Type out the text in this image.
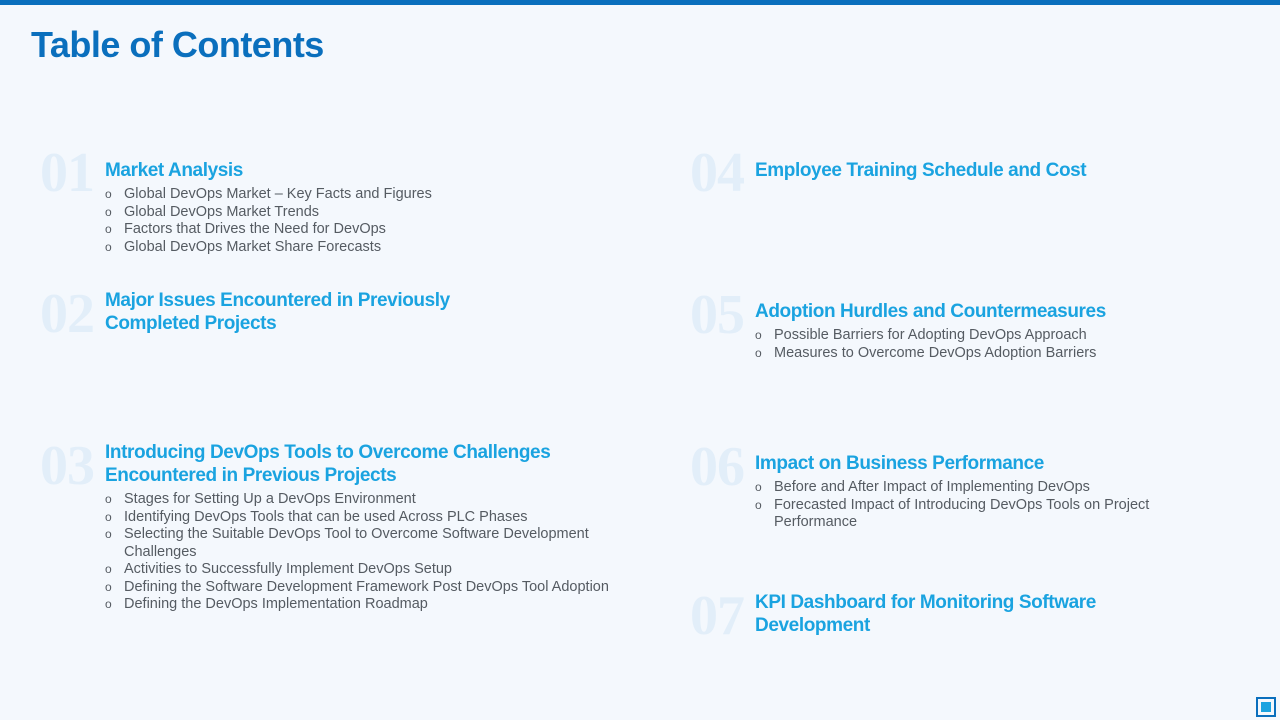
Table of Contents
01 Market Analysis
o Global DevOps Market – Key Facts and Figures
o Global DevOps Market Trends
o Factors that Drives the Need for DevOps
o Global DevOps Market Share Forecasts
02 Major Issues Encountered in Previously Completed Projects
03 Introducing DevOps Tools to Overcome Challenges Encountered in Previous Projects
o Stages for Setting Up a DevOps Environment
o Identifying DevOps Tools that can be used Across PLC Phases
o Selecting the Suitable DevOps Tool to Overcome Software Development Challenges
o Activities to Successfully Implement DevOps Setup
o Defining the Software Development Framework Post DevOps Tool Adoption
o Defining the DevOps Implementation Roadmap
04 Employee Training Schedule and Cost
05 Adoption Hurdles and Countermeasures
o Possible Barriers for Adopting DevOps Approach
o Measures to Overcome DevOps Adoption Barriers
06 Impact on Business Performance
o Before and After Impact of Implementing DevOps
o Forecasted Impact of Introducing DevOps Tools on Project Performance
07 KPI Dashboard for Monitoring Software Development
